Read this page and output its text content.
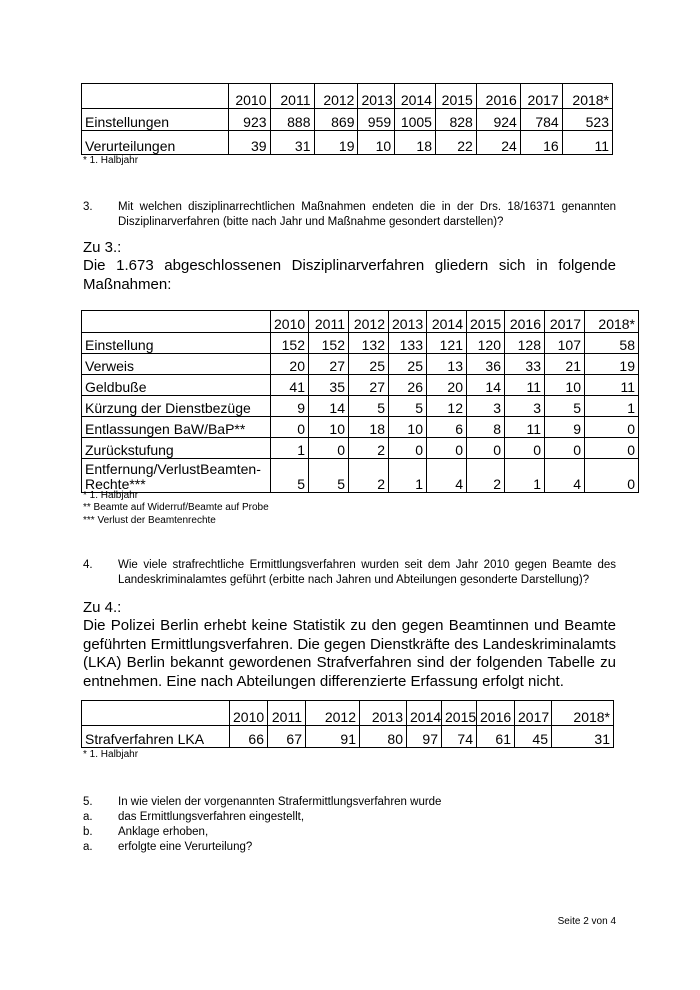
	2010	2011	2012	2013	2014	2015	2016	2017	2018*
Einstellungen	923	888	869	959	1005	828	924	784	523
Verurteilungen	39	31	19	10	18	22	24	16	11
* 1. Halbjahr
3. Mit welchen disziplinarrechtlichen Maßnahmen endeten die in der Drs. 18/16371 genannten Disziplinarverfahren (bitte nach Jahr und Maßnahme gesondert darstellen)?
Zu 3.:
Die 1.673 abgeschlossenen Disziplinarverfahren gliedern sich in folgende Maßnahmen:
	2010	2011	2012	2013	2014	2015	2016	2017	2018*
Einstellung	152	152	132	133	121	120	128	107	58
Verweis	20	27	25	25	13	36	33	21	19
Geldbuße	41	35	27	26	20	14	11	10	11
Kürzung der Dienstbezüge	9	14	5	5	12	3	3	5	1
Entlassungen BaW/BaP**	0	10	18	10	6	8	11	9	0
Zurückstufung	1	0	2	0	0	0	0	0	0
Entfernung/VerlustBeamten-Rechte***	5	5	2	1	4	2	1	4	0
* 1. Halbjahr
** Beamte auf Widerruf/Beamte auf Probe
*** Verlust der Beamtenrechte
4. Wie viele strafrechtliche Ermittlungsverfahren wurden seit dem Jahr 2010 gegen Beamte des Landeskriminalamtes geführt (erbitte nach Jahren und Abteilungen gesonderte Darstellung)?
Zu 4.:
Die Polizei Berlin erhebt keine Statistik zu den gegen Beamtinnen und Beamte geführten Ermittlungsverfahren. Die gegen Dienstkräfte des Landeskriminalamts (LKA) Berlin bekannt gewordenen Strafverfahren sind der folgenden Tabelle zu entnehmen. Eine nach Abteilungen differenzierte Erfassung erfolgt nicht.
	2010	2011	2012	2013	2014	2015	2016	2017	2018*
Strafverfahren LKA	66	67	91	80	97	74	61	45	31
* 1. Halbjahr
5. In wie vielen der vorgenannten Strafermittlungsverfahren wurde
a. das Ermittlungsverfahren eingestellt,
b. Anklage erhoben,
a. erfolgte eine Verurteilung?
Seite 2 von 4
